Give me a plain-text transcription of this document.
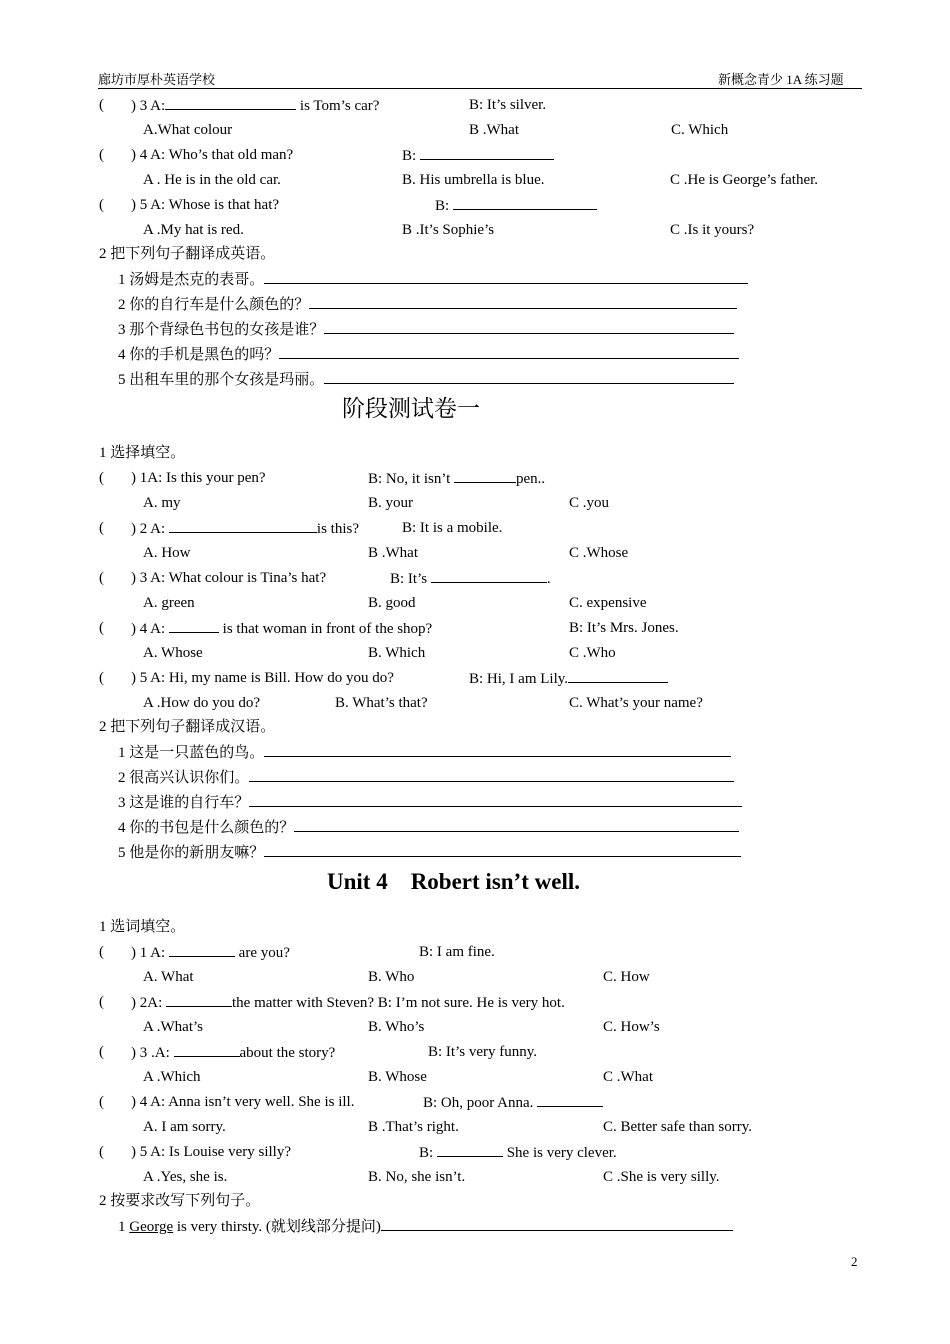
廊坊市厚朴英语学校	新概念青少 1A 练习题
( ) 3 A:	is Tom’s car?	B: It’s silver.
A.What colour	B .What	C. Which
( ) 4 A: Who’s that old man?	B:
A . He is in the old car.	B. His umbrella is blue.	C .He is George’s father.
( ) 5 A: Whose is that hat?	B:
A .My hat is red.	B .It’s Sophie’s	C .Is it yours?
2 把下列句子翻译成英语。
1 汤姆是杰克的表哥。
2 你的自行车是什么颜色的？
3 那个背绿色书包的女孩是谁？
4 你的手机是黑色的吗？
5 出租车里的那个女孩是玛丽。
阶段测试卷一
1 选择填空。
( ) 1A: Is this your pen?	B: No, it isn’t	pen..
A. my	B. your	C .you
( ) 2 A:	is this?	B: It is a mobile.
A. How	B .What	C .Whose
( ) 3 A: What colour is Tina’s hat?	B: It’s	.
A. green	B. good	C. expensive
( ) 4 A:	is that woman in front of the shop?	B: It’s Mrs. Jones.
A. Whose	B. Which	C .Who
( ) 5 A: Hi, my name is Bill. How do you do?	B: Hi, I am Lily.
A .How do you do?	B. What’s that?	C. What’s your name?
2 把下列句子翻译成汉语。
1 这是一只蓝色的鸟。
2 很高兴认识你们。
3 这是谁的自行车？
4 你的书包是什么颜色的？
5 他是你的新朋友嘛？
Unit 4    Robert isn’t well.
1 选词填空。
( ) 1 A:	are you?	B: I am fine.
A. What	B. Who	C. How
( ) 2A:	the matter with Steven? B: I’m not sure. He is very hot.
A .What’s	B. Who’s	C. How’s
( ) 3 .A:	about the story?	B: It’s very funny.
A .Which	B. Whose	C .What
( ) 4 A: Anna isn’t very well. She is ill.	B: Oh, poor Anna.
A. I am sorry.	B .That’s right.	C. Better safe than sorry.
( ) 5 A: Is Louise very silly?	B:	She is very clever.
A .Yes, she is.	B. No, she isn’t.	C .She is very silly.
2 按要求改写下列句子。
1 George is very thirsty. (就划线部分提问)
2
